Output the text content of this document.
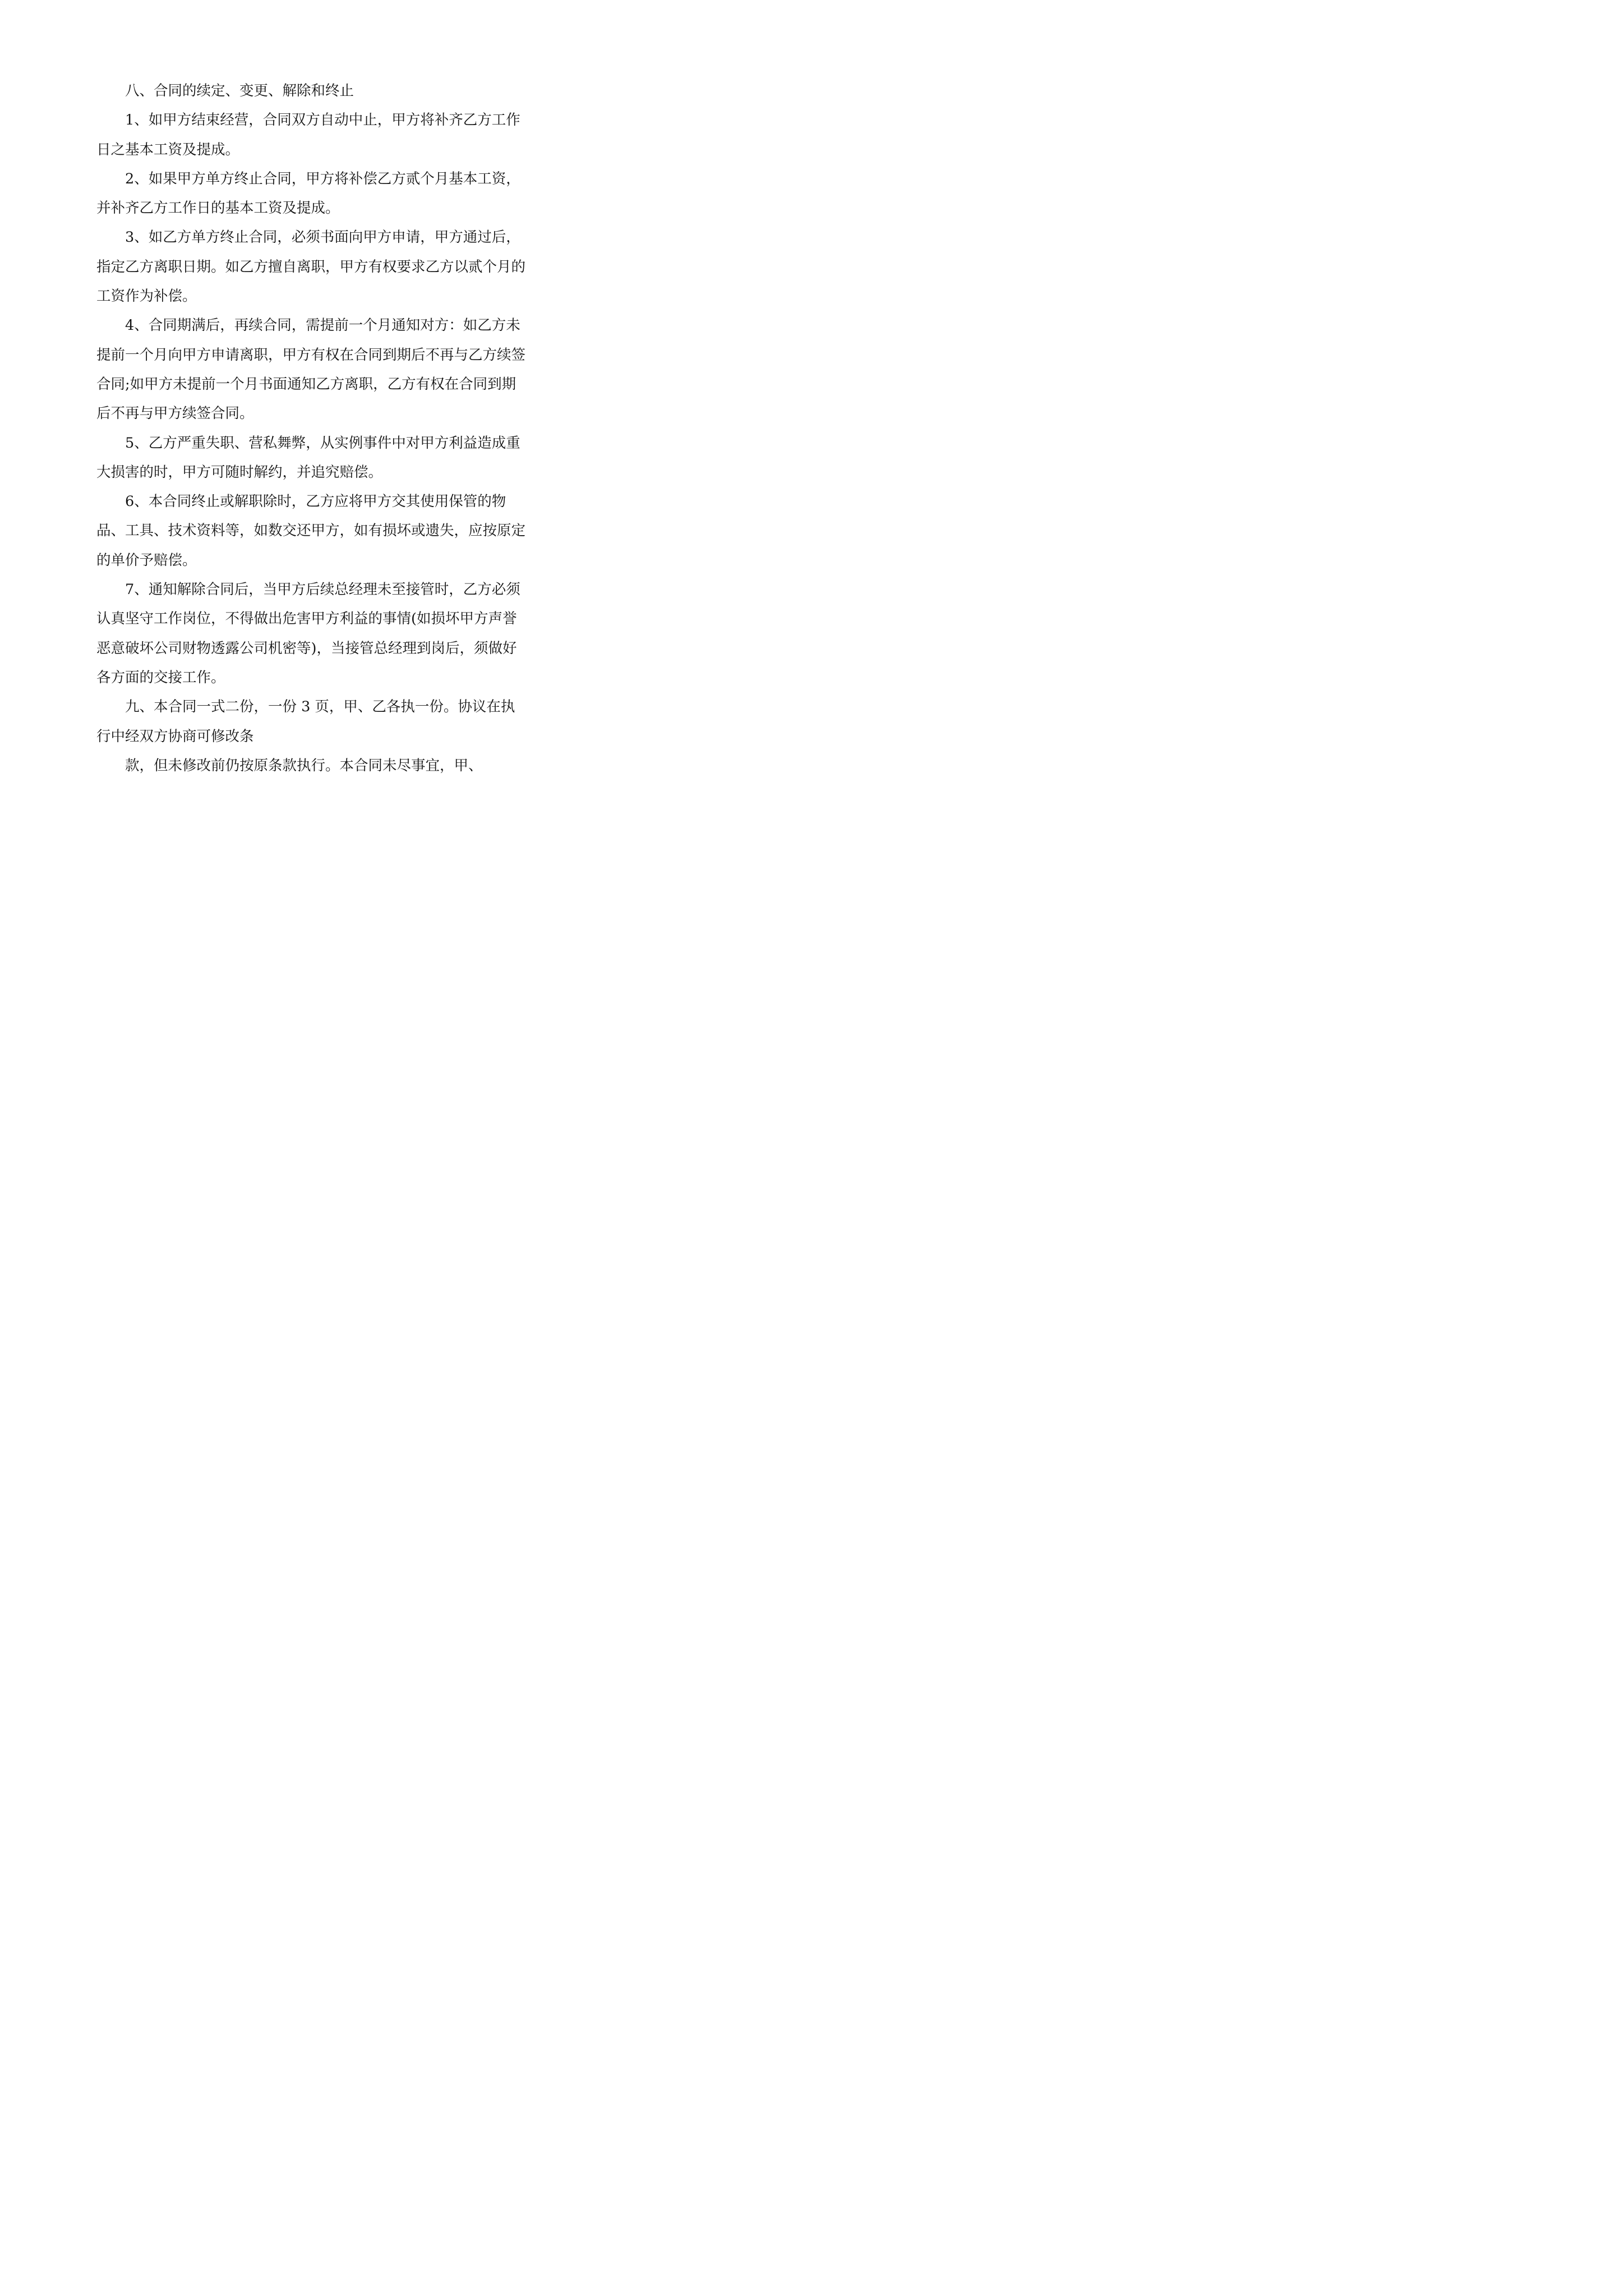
八、合同的续定、变更、解除和终止

1、如甲方结束经营，合同双方自动中止，甲方将补齐乙方工作日之基本工资及提成。

2、如果甲方单方终止合同，甲方将补偿乙方贰个月基本工资，并补齐乙方工作日的基本工资及提成。

3、如乙方单方终止合同，必须书面向甲方申请，甲方通过后，指定乙方离职日期。如乙方擅自离职，甲方有权要求乙方以贰个月的工资作为补偿。

4、合同期满后，再续合同，需提前一个月通知对方：如乙方未提前一个月向甲方申请离职，甲方有权在合同到期后不再与乙方续签合同;如甲方未提前一个月书面通知乙方离职，乙方有权在合同到期后不再与甲方续签合同。

5、乙方严重失职、营私舞弊，从实例事件中对甲方利益造成重大损害的时，甲方可随时解约，并追究赔偿。

6、本合同终止或解职除时，乙方应将甲方交其使用保管的物品、工具、技术资料等，如数交还甲方，如有损坏或遗失，应按原定的单价予赔偿。

7、通知解除合同后，当甲方后续总经理未至接管时，乙方必须认真坚守工作岗位，不得做出危害甲方利益的事情(如损坏甲方声誉恶意破坏公司财物透露公司机密等)，当接管总经理到岗后，须做好各方面的交接工作。

九、本合同一式二份，一份 3 页，甲、乙各执一份。协议在执行中经双方协商可修改条

款，但未修改前仍按原条款执行。本合同未尽事宜，甲、
